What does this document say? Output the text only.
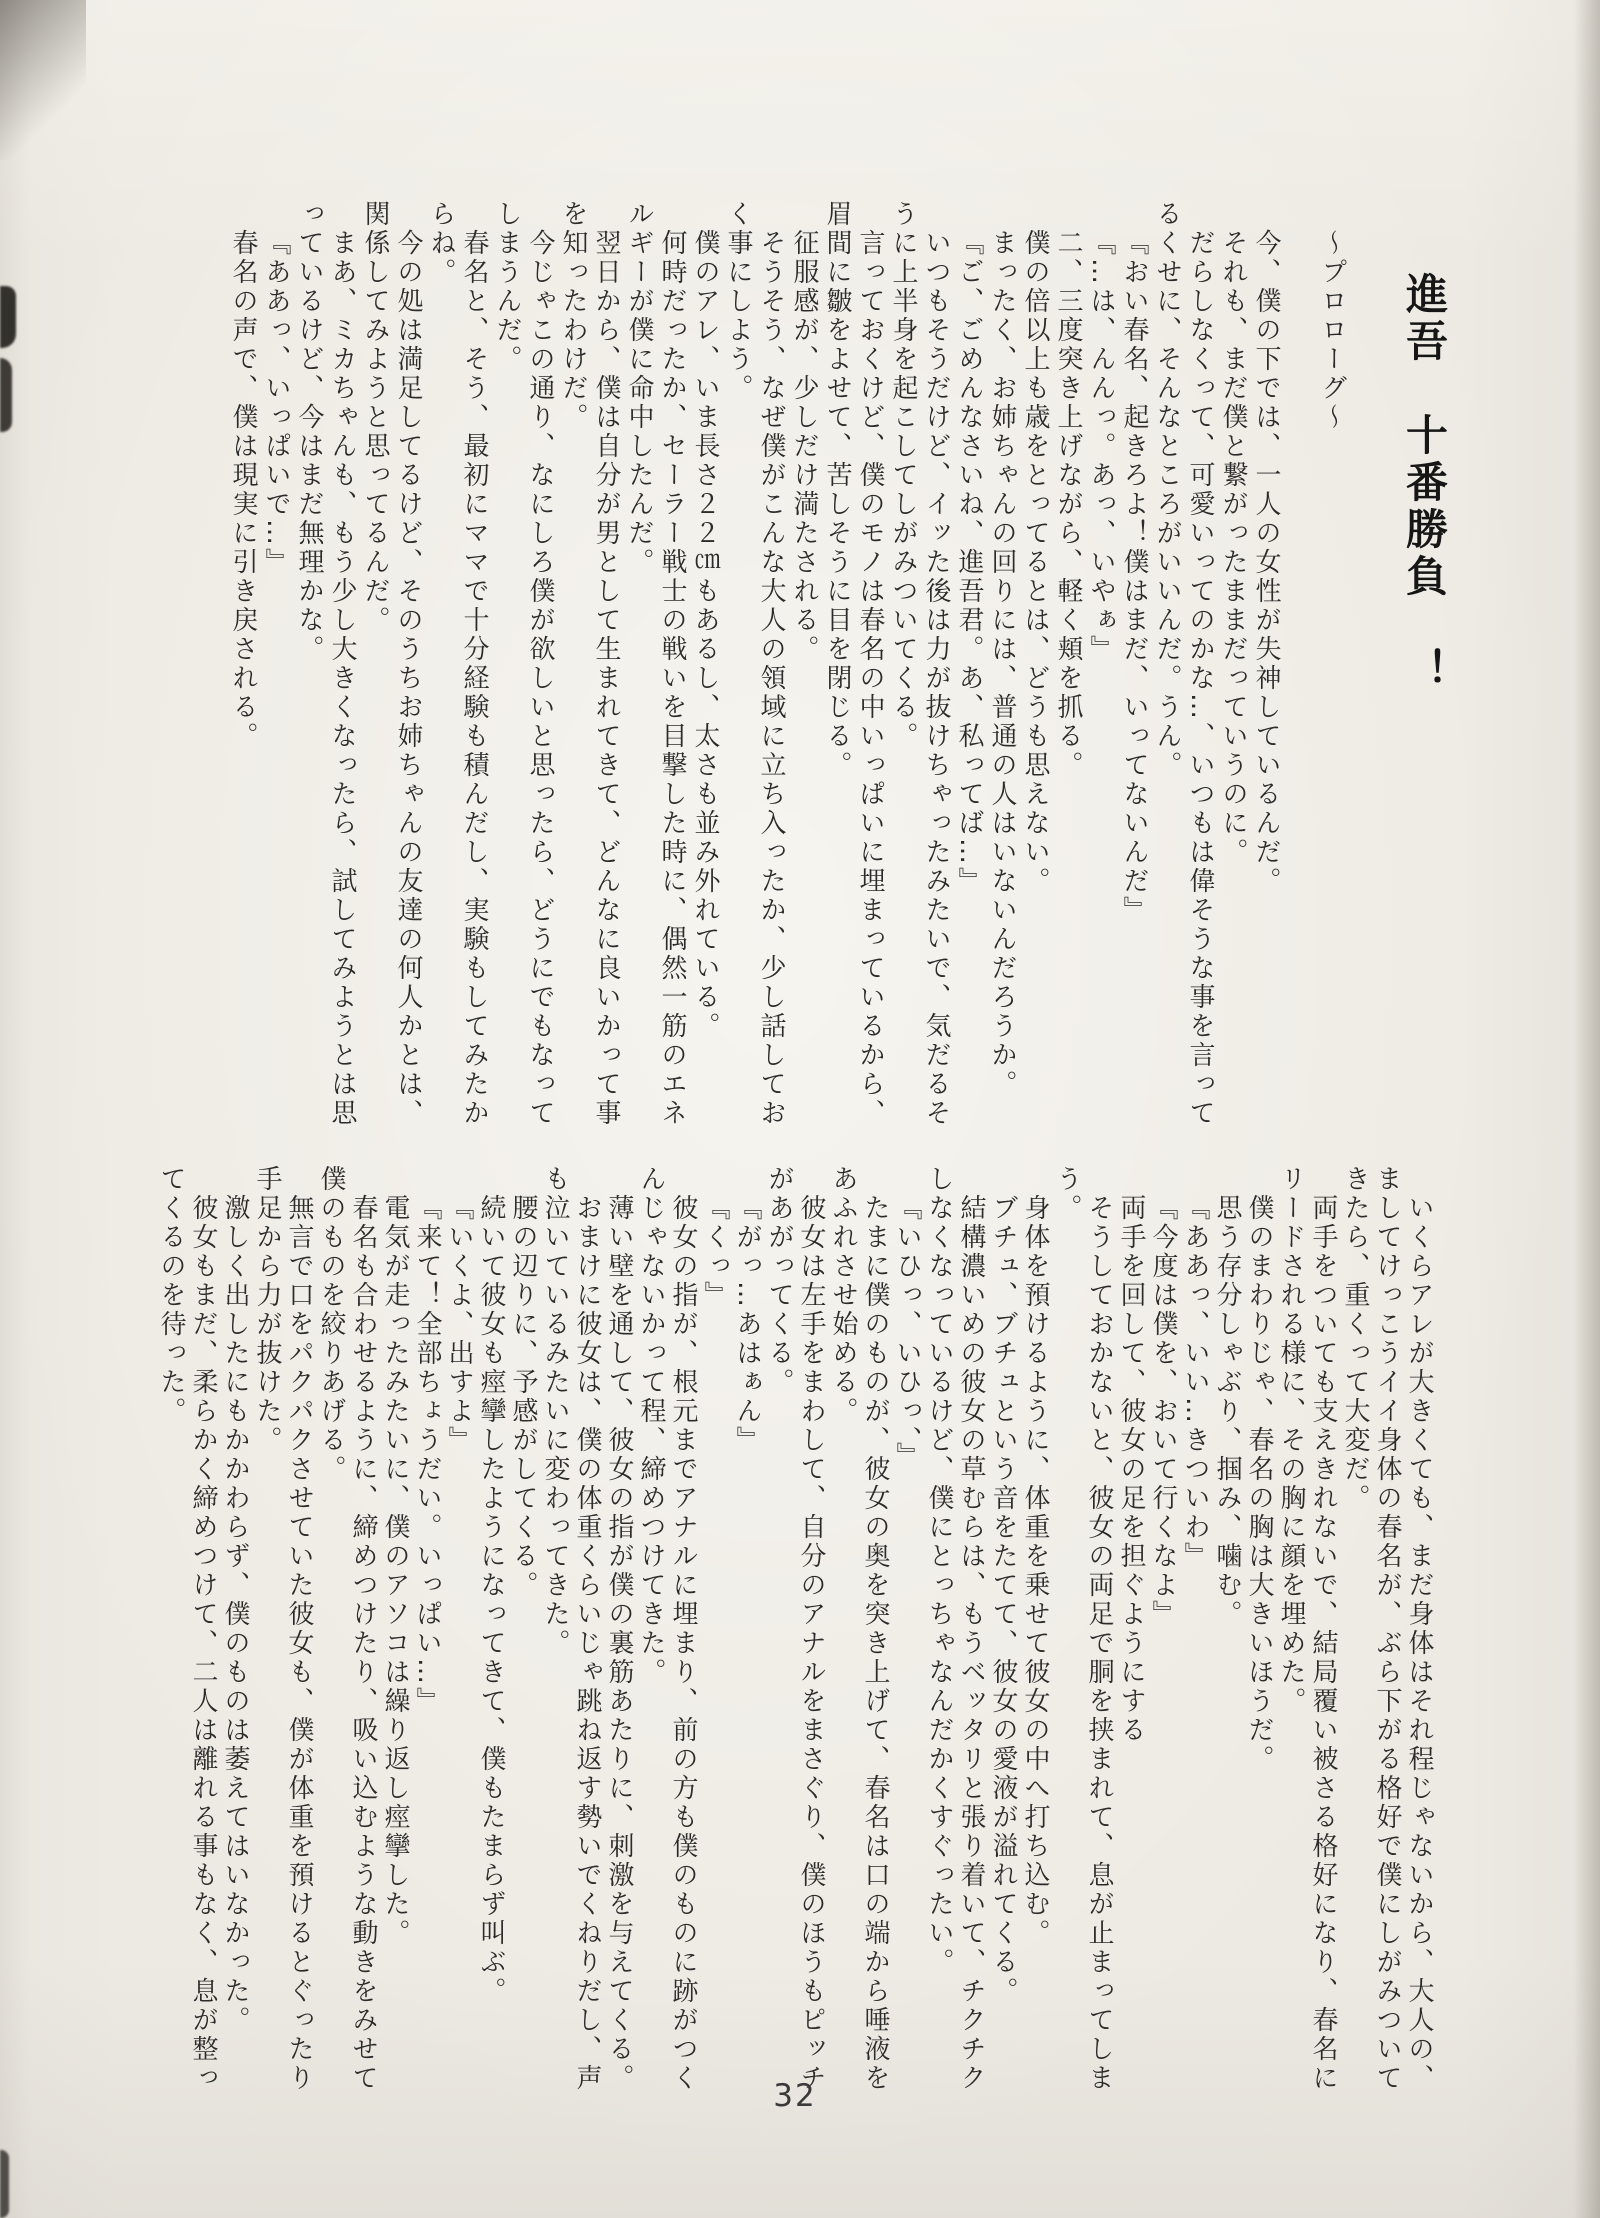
進吾　十番勝負　！
〜プロローグ〜
今、僕の下では、一人の女性が失神しているんだ。
それも、まだ僕と繋がったままだっていうのに。
だらしなくって、可愛いってのかな…、いつもは偉そうな事を言って
るくせに、そんなところがいいんだ。うん。
『おい春名、起きろよ！僕はまだ、いってないんだ』
『…は、んんっ。あっ、いやぁ』
二、三度突き上げながら、軽く頬を抓る。
僕の倍以上も歳をとってるとは、どうも思えない。
まったく、お姉ちゃんの回りには、普通の人はいないんだろうか。
『ご、ごめんなさいね、進吾君。あ、私ってば…』
いつもそうだけど、イッた後は力が抜けちゃったみたいで、気だるそ
うに上半身を起こしてしがみついてくる。
言っておくけど、僕のモノは春名の中いっぱいに埋まっているから、
眉間に皺をよせて、苦しそうに目を閉じる。
征服感が、少しだけ満たされる。
そうそう、なぜ僕がこんな大人の領域に立ち入ったか、少し話してお
く事にしよう。
僕のアレ、いま長さ２２㎝もあるし、太さも並み外れている。
何時だったか、セーラー戦士の戦いを目撃した時に、偶然一筋のエネ
ルギーが僕に命中したんだ。
翌日から、僕は自分が男として生まれてきて、どんなに良いかって事
を知ったわけだ。
今じゃこの通り、なにしろ僕が欲しいと思ったら、どうにでもなって
しまうんだ。
春名と、そう、最初にママで十分経験も積んだし、実験もしてみたか
らね。
今の処は満足してるけど、そのうちお姉ちゃんの友達の何人かとは、
関係してみようと思ってるんだ。
まあ、ミカちゃんも、もう少し大きくなったら、試してみようとは思
っているけど、今はまだ無理かな。
『ああっ、いっぱいで…』
春名の声で、僕は現実に引き戻される。
いくらアレが大きくても、まだ身体はそれ程じゃないから、大人の、
ましてけっこうイイ身体の春名が、ぶら下がる格好で僕にしがみついて
きたら、重くって大変だ。
両手をついても支えきれないで、結局覆い被さる格好になり、春名に
リードされる様に、その胸に顔を埋めた。
僕のまわりじゃ、春名の胸は大きいほうだ。
思う存分しゃぶり、掴み、噛む。
『ああっ、いい…きついわ』
『今度は僕を、おいて行くなよ』
両手を回して、彼女の足を担ぐようにする
そうしておかないと、彼女の両足で胴を挟まれて、息が止まってしま
う。
身体を預けるように、体重を乗せて彼女の中へ打ち込む。
ブチュ、ブチュという音をたてて、彼女の愛液が溢れてくる。
結構濃いめの彼女の草むらは、もうベッタリと張り着いて、チクチク
しなくなっているけど、僕にとっちゃなんだかくすぐったい。
『いひっ、いひっ、』
たまに僕のものが、彼女の奥を突き上げて、春名は口の端から唾液を
あふれさせ始める。
彼女は左手をまわして、自分のアナルをまさぐり、僕のほうもピッチ
があがってくる。
『がっ…あはぁん』
『くっ』
彼女の指が、根元までアナルに埋まり、前の方も僕のものに跡がつく
んじゃないかって程、締めつけてきた。
薄い壁を通して、彼女の指が僕の裏筋あたりに、刺激を与えてくる。
おまけに彼女は、僕の体重くらいじゃ跳ね返す勢いでくねりだし、声
も泣いているみたいに変わってきた。
腰の辺りに、予感がしてくる。
続いて彼女も痙攣したようになってきて、僕もたまらず叫ぶ。
『いくよ、出すよ』
『来て！全部ちょうだい。いっぱい…』
電気が走ったみたいに、僕のアソコは繰り返し痙攣した。
春名も合わせるように、締めつけたり、吸い込むような動きをみせて
僕のものを絞りあげる。
無言で口をパクパクさせていた彼女も、僕が体重を預けるとぐったり
手足から力が抜けた。
激しく出したにもかかわらず、僕のものは萎えてはいなかった。
彼女もまだ、柔らかく締めつけて、二人は離れる事もなく、息が整っ
てくるのを待った。
32
